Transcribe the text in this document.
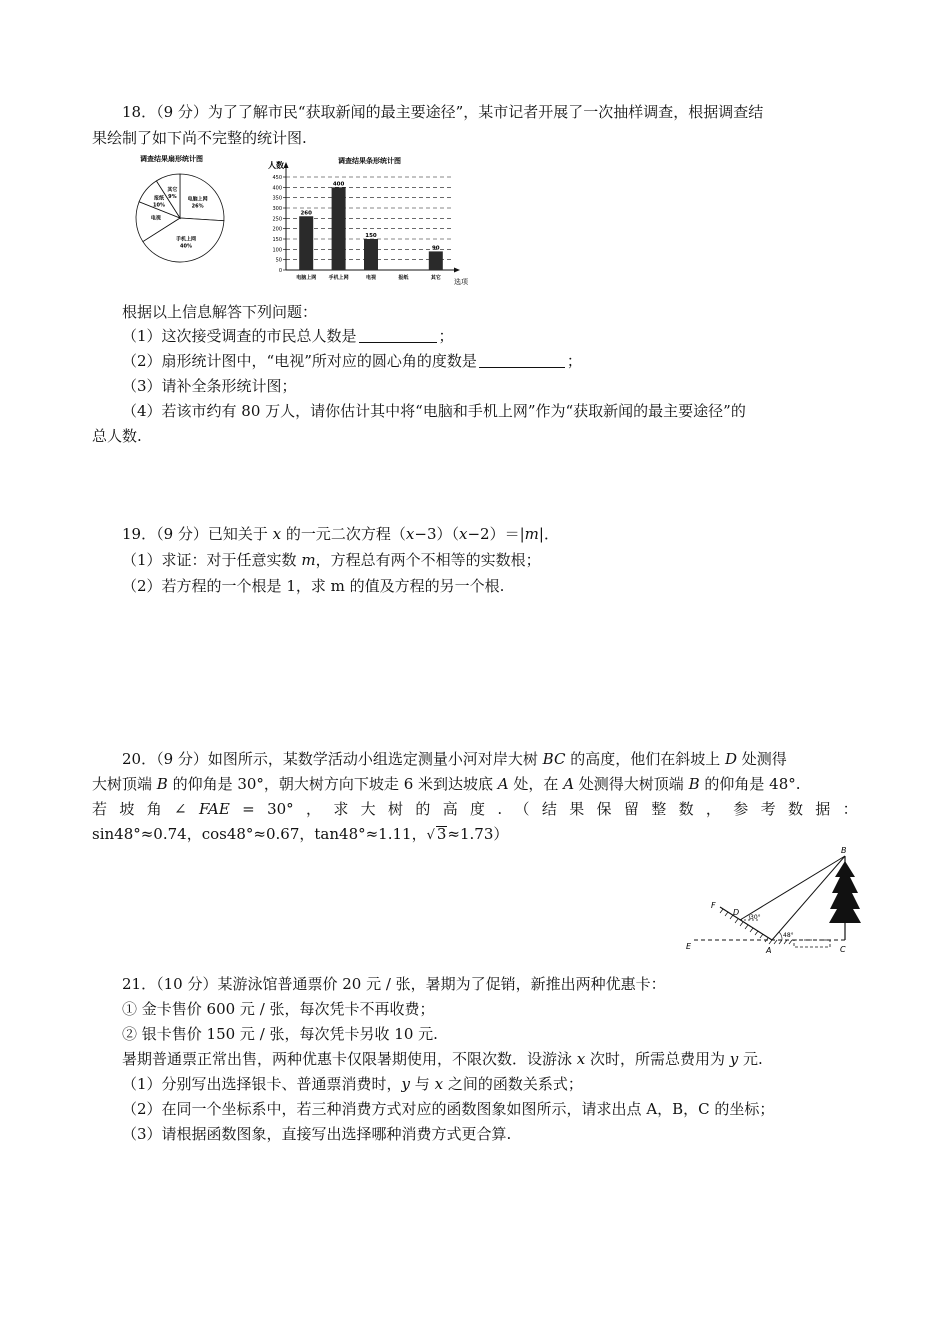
18．（9 分）为了了解市民“获取新闻的最主要途径”，某市记者开展了一次抽样调查，根据调查结
果绘制了如下尚不完整的统计图.
调查结果扇形统计图
电脑上网
26%
手机上网
40%
电视
报纸
10%
其它
9%
调查结果条形统计图
人数
选项
0
50
100
150
200
250
300
350
400
450
260
电脑上网
400
手机上网
150
电视	报纸
90
其它
根据以上信息解答下列问题：
（1）这次接受调查的市民总人数是	；
（2）扇形统计图中，“电视”所对应的圆心角的度数是	；
（3）请补全条形统计图；
（4）若该市约有 80 万人，请你估计其中将“电脑和手机上网”作为“获取新闻的最主要途径”的
总人数.
19．（9 分）已知关于 x 的一元二次方程（x−3）（x−2）＝|m|．
（1）求证：对于任意实数 m，方程总有两个不相等的实数根；
（2）若方程的一个根是 1，求 m 的值及方程的另一个根.
20．（9 分）如图所示，某数学活动小组选定测量小河对岸大树 BC 的高度，他们在斜坡上 D 处测得
大树顶端 B 的仰角是 30°，朝大树方向下坡走 6 米到达坡底 A 处，在 A 处测得大树顶端 B 的仰角是 48°.
若 坡 角 ∠ FAE = 30° ， 求 大 树 的 高 度 . （ 结 果 保 留 整 数 ， 参 考 数 据 ：
sin48°≈0.74，cos48°≈0.67，tan48°≈1.11，√ 3≈1.73）
B
C
A
D
E
F
30°
48°
21．（10 分）某游泳馆普通票价 20 元 / 张，暑期为了促销，新推出两种优惠卡：
① 金卡售价 600 元 / 张，每次凭卡不再收费；
② 银卡售价 150 元 / 张，每次凭卡另收 10 元.
暑期普通票正常出售，两种优惠卡仅限暑期使用，不限次数．设游泳 x 次时，所需总费用为 y 元.
（1）分别写出选择银卡、普通票消费时，y 与 x 之间的函数关系式；
（2）在同一个坐标系中，若三种消费方式对应的函数图象如图所示，请求出点 A，B，C 的坐标；
（3）请根据函数图象，直接写出选择哪种消费方式更合算.
